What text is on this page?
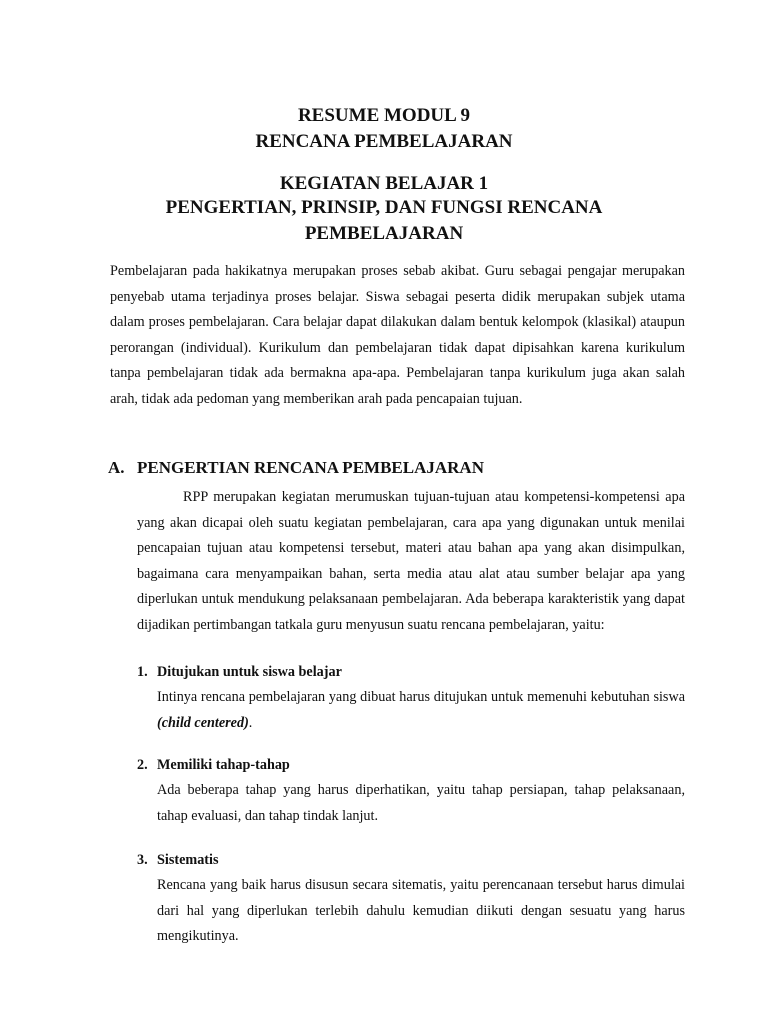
RESUME MODUL 9
RENCANA PEMBELAJARAN
KEGIATAN BELAJAR 1
PENGERTIAN, PRINSIP, DAN FUNGSI RENCANA PEMBELAJARAN

Pembelajaran pada hakikatnya merupakan proses sebab akibat. Guru sebagai pengajar merupakan penyebab utama terjadinya proses belajar. Siswa sebagai peserta didik merupakan subjek utama dalam proses pembelajaran. Cara belajar dapat dilakukan dalam bentuk kelompok (klasikal) ataupun perorangan (individual). Kurikulum dan pembelajaran tidak dapat dipisahkan karena kurikulum tanpa pembelajaran tidak ada bermakna apa-apa. Pembelajaran tanpa kurikulum juga akan salah arah, tidak ada pedoman yang memberikan arah pada pencapaian tujuan.

A. PENGERTIAN RENCANA PEMBELAJARAN

RPP merupakan kegiatan merumuskan tujuan-tujuan atau kompetensi-kompetensi apa yang akan dicapai oleh suatu kegiatan pembelajaran, cara apa yang digunakan untuk menilai pencapaian tujuan atau kompetensi tersebut, materi atau bahan apa yang akan disimpulkan, bagaimana cara menyampaikan bahan, serta media atau alat atau sumber belajar apa yang diperlukan untuk mendukung pelaksanaan pembelajaran. Ada beberapa karakteristik yang dapat dijadikan pertimbangan tatkala guru menyusun suatu rencana pembelajaran, yaitu:

1. Ditujukan untuk siswa belajar

Intinya rencana pembelajaran yang dibuat harus ditujukan untuk memenuhi kebutuhan siswa (child centered).

2. Memiliki tahap-tahap

Ada beberapa tahap yang harus diperhatikan, yaitu tahap persiapan, tahap pelaksanaan, tahap evaluasi, dan tahap tindak lanjut.

3. Sistematis

Rencana yang baik harus disusun secara sitematis, yaitu perencanaan tersebut harus dimulai dari hal yang diperlukan terlebih dahulu kemudian diikuti dengan sesuatu yang harus mengikutinya.
